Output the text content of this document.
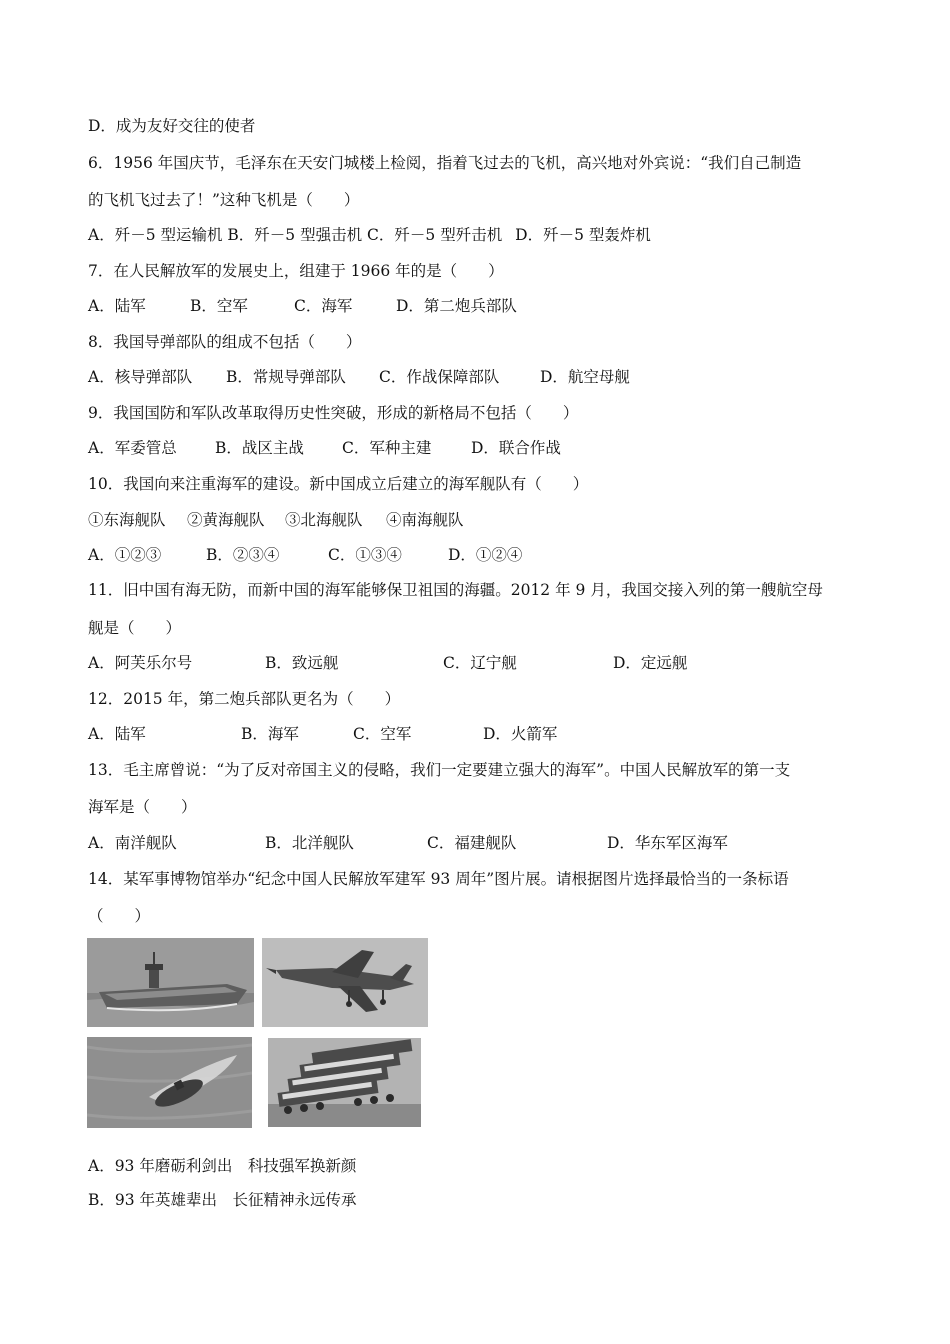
D．成为友好交往的使者

6．1956 年国庆节，毛泽东在天安门城楼上检阅，指着飞过去的飞机，高兴地对外宾说：“我们自己制造

的飞机飞过去了！”这种飞机是（　　）

A．歼－5 型运输机 B．歼－5 型强击机 C．歼－5 型歼击机 D．歼－5 型轰炸机

7．在人民解放军的发展史上，组建于 1966 年的是（　　）

A．陆军	B．空军	C．海军	D．第二炮兵部队

8．我国导弹部队的组成不包括（　　）

A．核导弹部队 B．常规导弹部队 C．作战保障部队	D．航空母舰

9．我国国防和军队改革取得历史性突破，形成的新格局不包括（　　）

A．军委管总 B．战区主战 C．军种主建	D．联合作战

10．我国向来注重海军的建设。新中国成立后建立的海军舰队有（　　）

①东海舰队 ②黄海舰队 ③北海舰队 ④南海舰队

A．①②③	B．②③④	C．①③④	D．①②④

11．旧中国有海无防，而新中国的海军能够保卫祖国的海疆。2012 年 9 月，我国交接入列的第一艘航空母

舰是（　　）

A．阿芙乐尔号	B．致远舰	C．辽宁舰	D．定远舰

12．2015 年，第二炮兵部队更名为（　　）

A．陆军	B．海军	C．空军	D．火箭军

13．毛主席曾说：“为了反对帝国主义的侵略，我们一定要建立强大的海军”。中国人民解放军的第一支

海军是（　　）

A．南洋舰队	B．北洋舰队	C．福建舰队	D．华东军区海军

14．某军事博物馆举办“纪念中国人民解放军建军 93 周年”图片展。请根据图片选择最恰当的一条标语

（　　）

A．93 年磨砺利剑出　科技强军换新颜

B．93 年英雄辈出　长征精神永远传承
